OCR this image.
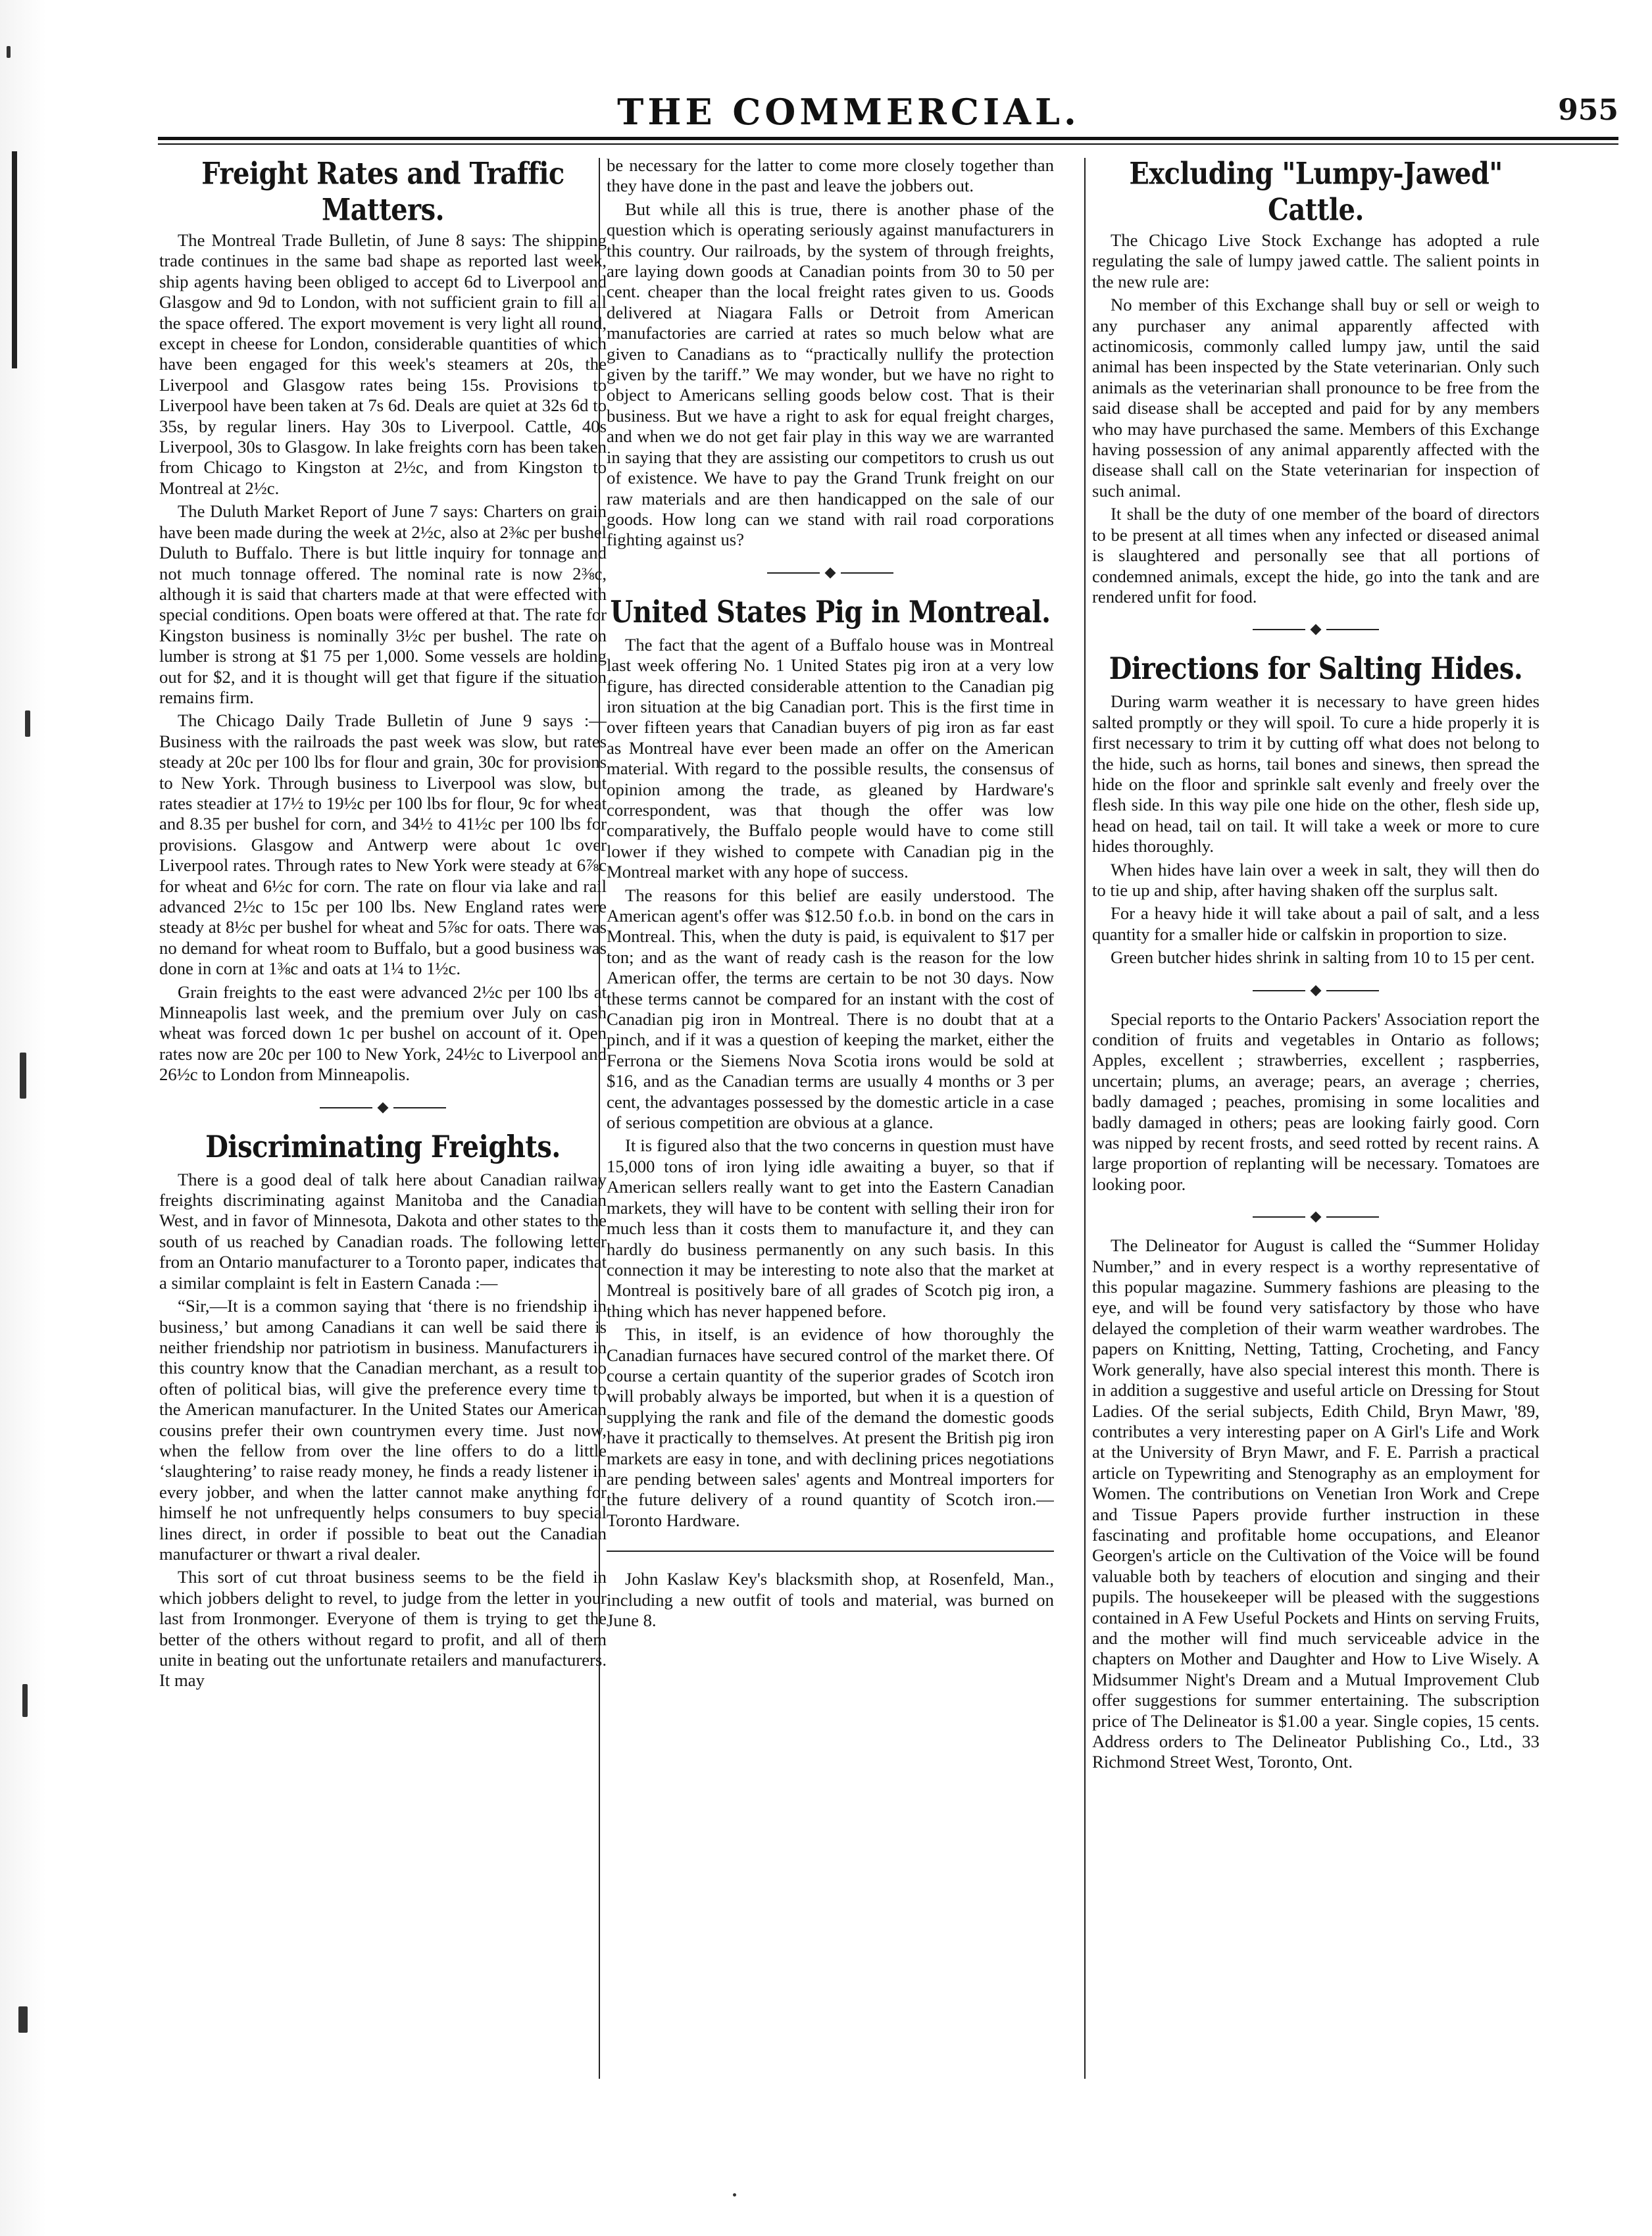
THE COMMERCIAL.	955
Freight Rates and Traffic Matters.

The Montreal Trade Bulletin, of June 8 says: The shipping trade continues in the same bad shape as reported last week, ship agents having been obliged to accept 6d to Liverpool and Glasgow and 9d to London, with not sufficient grain to fill all the space offered. The export movement is very light all round, except in cheese for London, considerable quantities of which have been engaged for this week's steamers at 20s, the Liverpool and Glasgow rates being 15s. Provisions to Liverpool have been taken at 7s 6d. Deals are quiet at 32s 6d to 35s, by regular liners. Hay 30s to Liverpool. Cattle, 40s Liverpool, 30s to Glasgow. In lake freights corn has been taken from Chicago to Kingston at 2½c, and from Kingston to Montreal at 2½c.

The Duluth Market Report of June 7 says: Charters on grain have been made during the week at 2½c, also at 2⅜c per bushel Duluth to Buffalo. There is but little inquiry for tonnage and not much tonnage offered. The nominal rate is now 2⅜c, although it is said that charters made at that were effected with special conditions. Open boats were offered at that. The rate for Kingston business is nominally 3½c per bushel. The rate on lumber is strong at $1 75 per 1,000. Some vessels are holding out for $2, and it is thought will get that figure if the situation remains firm.

The Chicago Daily Trade Bulletin of June 9 says :—Business with the railroads the past week was slow, but rates steady at 20c per 100 lbs for flour and grain, 30c for provisions to New York. Through business to Liverpool was slow, but rates steadier at 17½ to 19½c per 100 lbs for flour, 9c for wheat and 8.35 per bushel for corn, and 34½ to 41½c per 100 lbs for provisions. Glasgow and Antwerp were about 1c over Liverpool rates. Through rates to New York were steady at 6⅞c for wheat and 6½c for corn. The rate on flour via lake and rail advanced 2½c to 15c per 100 lbs. New England rates were steady at 8½c per bushel for wheat and 5⅞c for oats. There was no demand for wheat room to Buffalo, but a good business was done in corn at 1⅜c and oats at 1¼ to 1½c.

Grain freights to the east were advanced 2½c per 100 lbs at Minneapolis last week, and the premium over July on cash wheat was forced down 1c per bushel on account of it. Open rates now are 20c per 100 to New York, 24½c to Liverpool and 26½c to London from Minneapolis.

Discriminating Freights.

There is a good deal of talk here about Canadian railway freights discriminating against Manitoba and the Canadian West, and in favor of Minnesota, Dakota and other states to the south of us reached by Canadian roads. The following letter from an Ontario manufacturer to a Toronto paper, indicates that a similar complaint is felt in Eastern Canada :—

“Sir,—It is a common saying that ‘there is no friendship in business,’ but among Canadians it can well be said there is neither friendship nor patriotism in business. Manufacturers in this country know that the Canadian merchant, as a result too often of political bias, will give the preference every time to the American manufacturer. In the United States our American cousins prefer their own countrymen every time. Just now, when the fellow from over the line offers to do a little ‘slaughtering’ to raise ready money, he finds a ready listener in every jobber, and when the latter cannot make anything for himself he not unfrequently helps consumers to buy special lines direct, in order if possible to beat out the Canadian manufacturer or thwart a rival dealer.

This sort of cut throat business seems to be the field in which jobbers delight to revel, to judge from the letter in your last from Ironmonger. Everyone of them is trying to get the better of the others without regard to profit, and all of them unite in beating out the unfortunate retailers and manufacturers. It may

be necessary for the latter to come more closely together than they have done in the past and leave the jobbers out.

But while all this is true, there is another phase of the question which is operating seriously against manufacturers in this country. Our railroads, by the system of through freights, are laying down goods at Canadian points from 30 to 50 per cent. cheaper than the local freight rates given to us. Goods delivered at Niagara Falls or Detroit from American manufactories are carried at rates so much below what are given to Canadians as to “practically nullify the protection given by the tariff.” We may wonder, but we have no right to object to Americans selling goods below cost. That is their business. But we have a right to ask for equal freight charges, and when we do not get fair play in this way we are warranted in saying that they are assisting our competitors to crush us out of existence. We have to pay the Grand Trunk freight on our raw materials and are then handicapped on the sale of our goods. How long can we stand with rail road corporations fighting against us?

United States Pig in Montreal.

The fact that the agent of a Buffalo house was in Montreal last week offering No. 1 United States pig iron at a very low figure, has directed considerable attention to the Canadian pig iron situation at the big Canadian port. This is the first time in over fifteen years that Canadian buyers of pig iron as far east as Montreal have ever been made an offer on the American material. With regard to the possible results, the consensus of opinion among the trade, as gleaned by Hardware's correspondent, was that though the offer was low comparatively, the Buffalo people would have to come still lower if they wished to compete with Canadian pig in the Montreal market with any hope of success.

The reasons for this belief are easily understood. The American agent's offer was $12.50 f.o.b. in bond on the cars in Montreal. This, when the duty is paid, is equivalent to $17 per ton; and as the want of ready cash is the reason for the low American offer, the terms are certain to be not 30 days. Now these terms cannot be compared for an instant with the cost of Canadian pig iron in Montreal. There is no doubt that at a pinch, and if it was a question of keeping the market, either the Ferrona or the Siemens Nova Scotia irons would be sold at $16, and as the Canadian terms are usually 4 months or 3 per cent, the advantages possessed by the domestic article in a case of serious competition are obvious at a glance.

It is figured also that the two concerns in question must have 15,000 tons of iron lying idle awaiting a buyer, so that if American sellers really want to get into the Eastern Canadian markets, they will have to be content with selling their iron for much less than it costs them to manufacture it, and they can hardly do business permanently on any such basis. In this connection it may be interesting to note also that the market at Montreal is positively bare of all grades of Scotch pig iron, a thing which has never happened before.

This, in itself, is an evidence of how thoroughly the Canadian furnaces have secured control of the market there. Of course a certain quantity of the superior grades of Scotch iron will probably always be imported, but when it is a question of supplying the rank and file of the demand the domestic goods have it practically to themselves. At present the British pig iron markets are easy in tone, and with declining prices negotiations are pending between sales' agents and Montreal importers for the future delivery of a round quantity of Scotch iron.—Toronto Hardware.

John Kaslaw Key's blacksmith shop, at Rosenfeld, Man., including a new outfit of tools and material, was burned on June 8.

Excluding "Lumpy-Jawed" Cattle.

The Chicago Live Stock Exchange has adopted a rule regulating the sale of lumpy jawed cattle. The salient points in the new rule are:

No member of this Exchange shall buy or sell or weigh to any purchaser any animal apparently affected with actinomicosis, commonly called lumpy jaw, until the said animal has been inspected by the State veterinarian. Only such animals as the veterinarian shall pronounce to be free from the said disease shall be accepted and paid for by any members who may have purchased the same. Members of this Exchange having possession of any animal apparently affected with the disease shall call on the State veterinarian for inspection of such animal.

It shall be the duty of one member of the board of directors to be present at all times when any infected or diseased animal is slaughtered and personally see that all portions of condemned animals, except the hide, go into the tank and are rendered unfit for food.

Directions for Salting Hides.

During warm weather it is necessary to have green hides salted promptly or they will spoil. To cure a hide properly it is first necessary to trim it by cutting off what does not belong to the hide, such as horns, tail bones and sinews, then spread the hide on the floor and sprinkle salt evenly and freely over the flesh side. In this way pile one hide on the other, flesh side up, head on head, tail on tail. It will take a week or more to cure hides thoroughly.

When hides have lain over a week in salt, they will then do to tie up and ship, after having shaken off the surplus salt.

For a heavy hide it will take about a pail of salt, and a less quantity for a smaller hide or calfskin in proportion to size.

Green butcher hides shrink in salting from 10 to 15 per cent.

Special reports to the Ontario Packers' Association report the condition of fruits and vegetables in Ontario as follows; Apples, excellent ; strawberries, excellent ; raspberries, uncertain; plums, an average; pears, an average ; cherries, badly damaged ; peaches, promising in some localities and badly damaged in others; peas are looking fairly good. Corn was nipped by recent frosts, and seed rotted by recent rains. A large proportion of replanting will be necessary. Tomatoes are looking poor.

The Delineator for August is called the “Summer Holiday Number,” and in every respect is a worthy representative of this popular magazine. Summery fashions are pleasing to the eye, and will be found very satisfactory by those who have delayed the completion of their warm weather wardrobes. The papers on Knitting, Netting, Tatting, Crocheting, and Fancy Work generally, have also special interest this month. There is in addition a suggestive and useful article on Dressing for Stout Ladies. Of the serial subjects, Edith Child, Bryn Mawr, '89, contributes a very interesting paper on A Girl's Life and Work at the University of Bryn Mawr, and F. E. Parrish a practical article on Typewriting and Stenography as an employment for Women. The contributions on Venetian Iron Work and Crepe and Tissue Papers provide further instruction in these fascinating and profitable home occupations, and Eleanor Georgen's article on the Cultivation of the Voice will be found valuable both by teachers of elocution and singing and their pupils. The housekeeper will be pleased with the suggestions contained in A Few Useful Pockets and Hints on serving Fruits, and the mother will find much serviceable advice in the chapters on Mother and Daughter and How to Live Wisely. A Midsummer Night's Dream and a Mutual Improvement Club offer suggestions for summer entertaining. The subscription price of The Delineator is $1.00 a year. Single copies, 15 cents. Address orders to The Delineator Publishing Co., Ltd., 33 Richmond Street West, Toronto, Ont.
